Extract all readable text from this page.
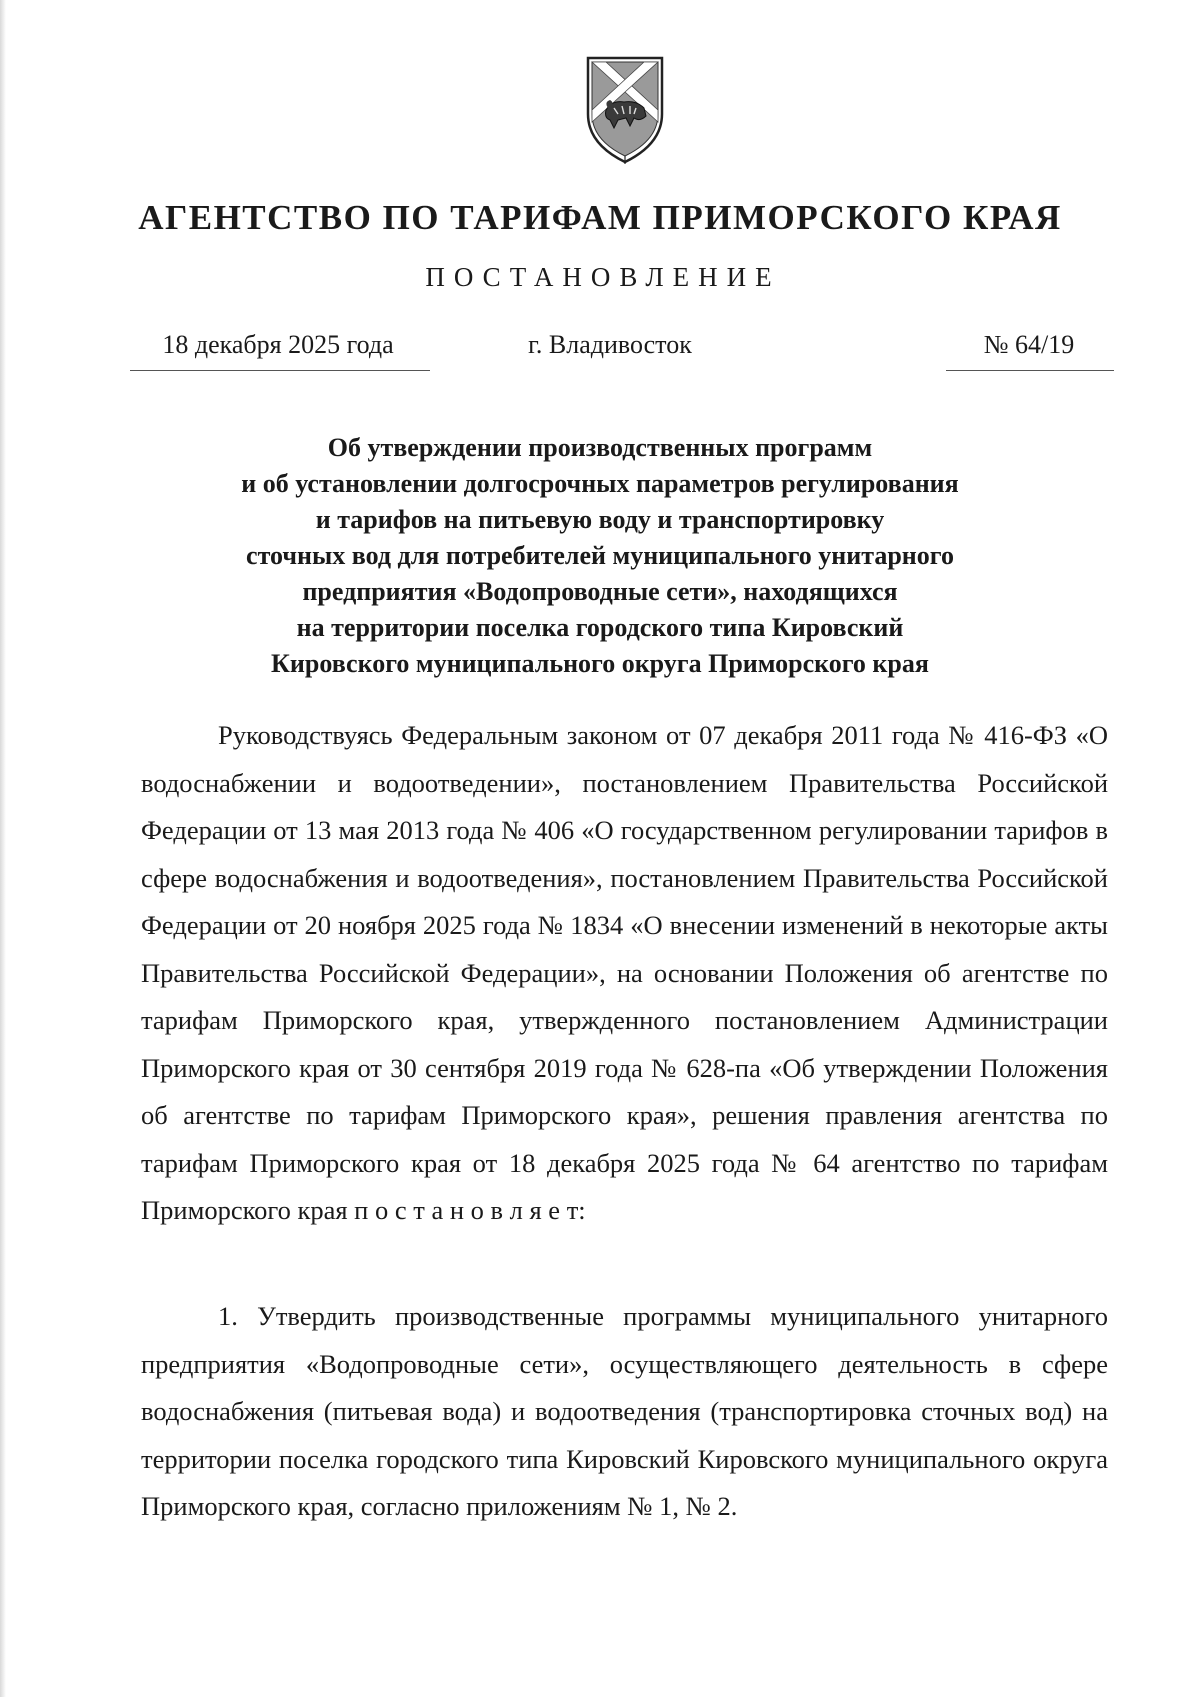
АГЕНТСТВО ПО ТАРИФАМ ПРИМОРСКОГО КРАЯ
ПОСТАНОВЛЕНИЕ
18 декабря 2025 года	г. Владивосток	№ 64/19
Об утверждении производственных программ
и об установлении долгосрочных параметров регулирования
и тарифов на питьевую воду и транспортировку
сточных вод для потребителей муниципального унитарного
предприятия «Водопроводные сети», находящихся
на территории поселка городского типа Кировский
Кировского муниципального округа Приморского края
Руководствуясь Федеральным законом от 07 декабря 2011 года № 416-ФЗ «О водоснабжении и водоотведении», постановлением Правительства Российской Федерации от 13 мая 2013 года № 406 «О государственном регулировании тарифов в сфере водоснабжения и водоотведения», постановлением Правительства Российской Федерации от 20 ноября 2025 года № 1834 «О внесении изменений в некоторые акты Правительства Российской Федерации», на основании Положения об агентстве по тарифам Приморского края, утвержденного постановлением Администрации Приморского края от 30 сентября 2019 года № 628-па «Об утверждении Положения об агентстве по тарифам Приморского края», решения правления агентства по тарифам Приморского края от 18 декабря 2025 года № 64 агентство по тарифам Приморского края п о с т а н о в л я е т:
1. Утвердить производственные программы муниципального унитарного предприятия «Водопроводные сети», осуществляющего деятельность в сфере водоснабжения (питьевая вода) и водоотведения (транспортировка сточных вод) на территории поселка городского типа Кировский Кировского муниципального округа Приморского края, согласно приложениям № 1, № 2.
